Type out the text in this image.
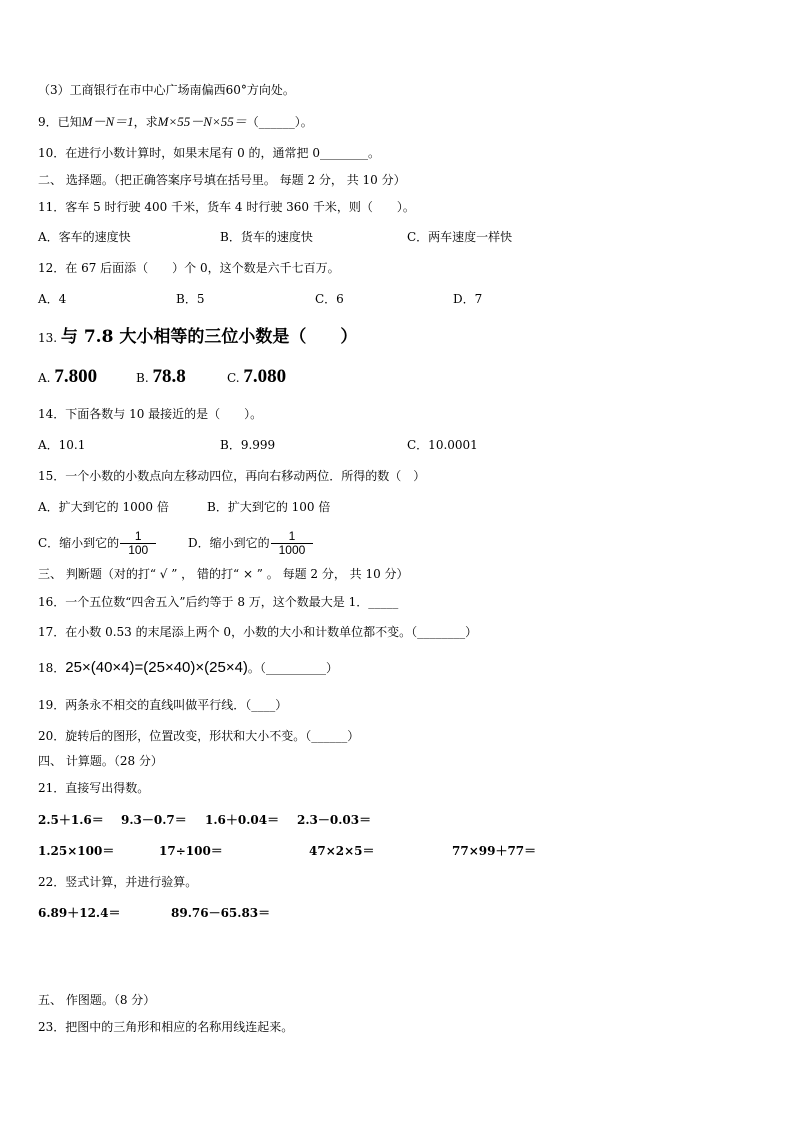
（3）工商银行在市中心广场南偏西60°方向处。
9．已知M－N＝1，求M×55－N×55＝（______）。
10．在进行小数计算时，如果末尾有 0 的，通常把 0________。
二、 选择题。（把正确答案序号填在括号里。 每题 2 分， 共 10 分）
11．客车 5 时行驶 400 千米，货车 4 时行驶 360 千米，则（　　）。
A．客车的速度快	B．货车的速度快	C．两车速度一样快
12．在 67 后面添（　　）个 0，这个数是六千七百万。
A．4	B．5	C．6	D．7
13. 与 7.8 大小相等的三位小数是（　　）
A. 7.800	B. 78.8	C. 7.080
14．下面各数与 10 最接近的是（　　）。
A．10.1	B．9.999	C．10.0001
15．一个小数的小数点向左移动四位，再向右移动两位．所得的数（　）
A．扩大到它的 1000 倍	B．扩大到它的 100 倍
C．缩小到它的 $\frac{1}{100}$	D．缩小到它的 $\frac{1}{1000}$
三、 判断题（对的打“ √ ” ， 错的打“ × ” 。 每题 2 分， 共 10 分）
16．一个五位数“四舍五入”后约等于 8 万，这个数最大是 1．_____
17．在小数 0.53 的末尾添上两个 0，小数的大小和计数单位都不变。（________）
18．25×(40×4)=(25×40)×(25×4)。（__________）
19．两条永不相交的直线叫做平行线．（____）
20．旋转后的图形，位置改变，形状和大小不变。（______）
四、 计算题。（28 分）
21．直接写出得数。
2.5＋1.6＝ 9.3－0.7＝ 1.6＋0.04＝ 2.3－0.03＝
1.25×100＝	17÷100＝	47×2×5＝	77×99＋77＝
22．竖式计算，并进行验算。
6.89＋12.4＝	89.76－65.83＝
五、 作图题。（8 分）
23．把图中的三角形和相应的名称用线连起来。
